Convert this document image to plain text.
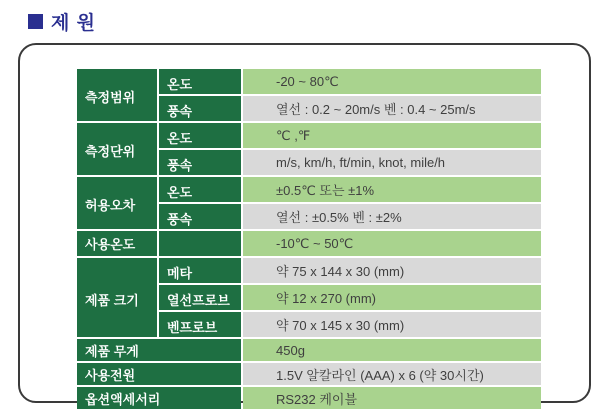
제 원
측정범위	온도	-20 ~ 80℃
	풍속	열선 : 0.2 ~ 20m/s 벤 : 0.4 ~ 25m/s
측정단위	온도	℃ ,℉
	풍속	m/s, km/h, ft/min, knot, mile/h
허용오차	온도	±0.5℃ 또는 ±1%
	풍속	열선 : ±0.5% 벤 : ±2%
사용온도		-10℃ ~ 50℃
제품 크기	메타	약 75 x 144 x 30 (mm)
	열선프로브	약 12 x 270 (mm)
	벤프로브	약 70 x 145 x 30 (mm)
제품 무게		450g
사용전원		1.5V 알칼라인 (AAA) x 6 (약 30시간)
옵션액세서리		RS232 케이블
